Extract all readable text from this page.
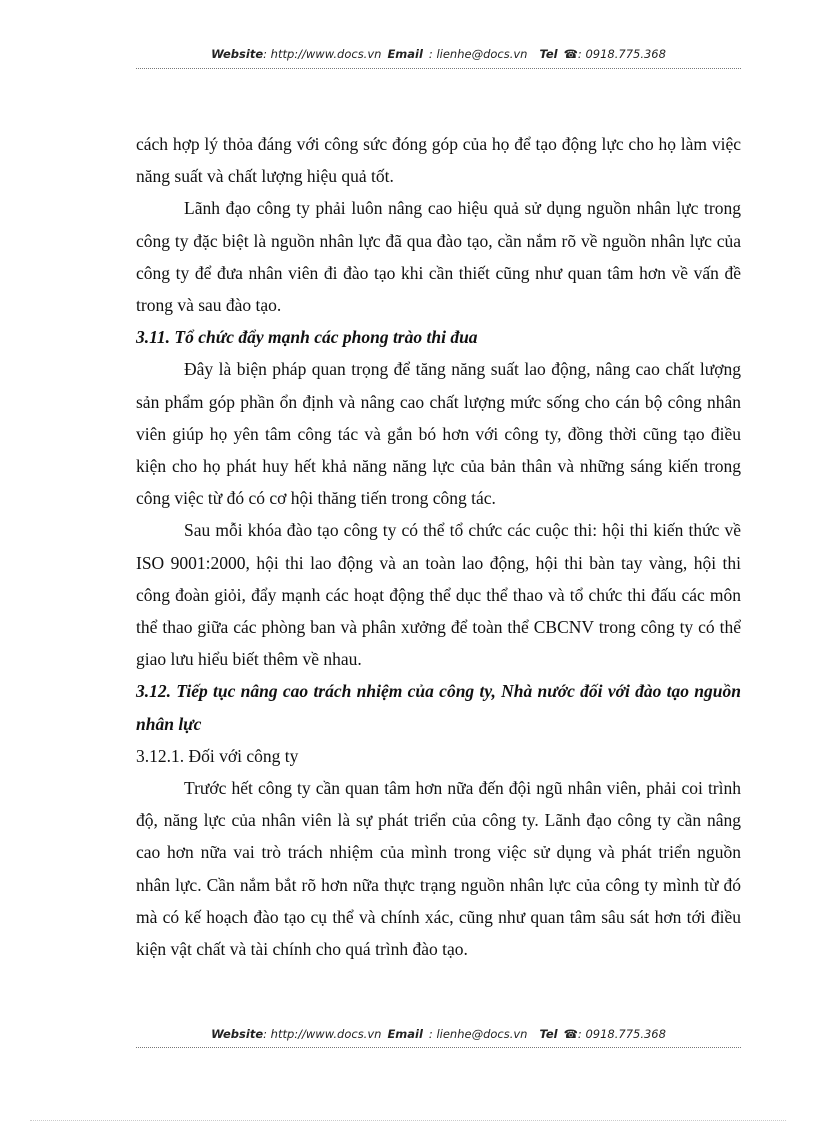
Website: http://www.docs.vn Email : lienhe@docs.vn Tel ☎: 0918.775.368

cách hợp lý thỏa đáng với công sức đóng góp của họ để tạo động lực cho họ làm việc năng suất và chất lượng hiệu quả tốt.

Lãnh đạo công ty phải luôn nâng cao hiệu quả sử dụng nguồn nhân lực trong công ty đặc biệt là nguồn nhân lực đã qua đào tạo, cần nắm rõ về nguồn nhân lực của công ty để đưa nhân viên đi đào tạo khi cần thiết cũng như quan tâm hơn về vấn đề trong và sau đào tạo.

3.11. Tổ chức đẩy mạnh các phong trào thi đua

Đây là biện pháp quan trọng để tăng năng suất lao động, nâng cao chất lượng sản phẩm góp phần ổn định và nâng cao chất lượng mức sống cho cán bộ công nhân viên giúp họ yên tâm công tác và gắn bó hơn với công ty, đồng thời cũng tạo điều kiện cho họ phát huy hết khả năng năng lực của bản thân và những sáng kiến trong công việc từ đó có cơ hội thăng tiến trong công tác.

Sau mỗi khóa đào tạo công ty có thể tổ chức các cuộc thi: hội thi kiến thức về ISO 9001:2000, hội thi lao động và an toàn lao động, hội thi bàn tay vàng, hội thi công đoàn giỏi, đẩy mạnh các hoạt động thể dục thể thao và tổ chức thi đấu các môn thể thao giữa các phòng ban và phân xưởng để toàn thể CBCNV trong công ty có thể giao lưu hiểu biết thêm về nhau.

3.12. Tiếp tục nâng cao trách nhiệm của công ty, Nhà nước đối với đào tạo nguồn nhân lực

3.12.1. Đối với công ty

Trước hết công ty cần quan tâm hơn nữa đến đội ngũ nhân viên, phải coi trình độ, năng lực của nhân viên là sự phát triển của công ty. Lãnh đạo công ty cần nâng cao hơn nữa vai trò trách nhiệm của mình trong việc sử dụng và phát triển nguồn nhân lực. Cần nắm bắt rõ hơn nữa thực trạng nguồn nhân lực của công ty mình từ đó mà có kế hoạch đào tạo cụ thể và chính xác, cũng như quan tâm sâu sát hơn tới điều kiện vật chất và tài chính cho quá trình đào tạo.

Website: http://www.docs.vn Email : lienhe@docs.vn Tel ☎: 0918.775.368
